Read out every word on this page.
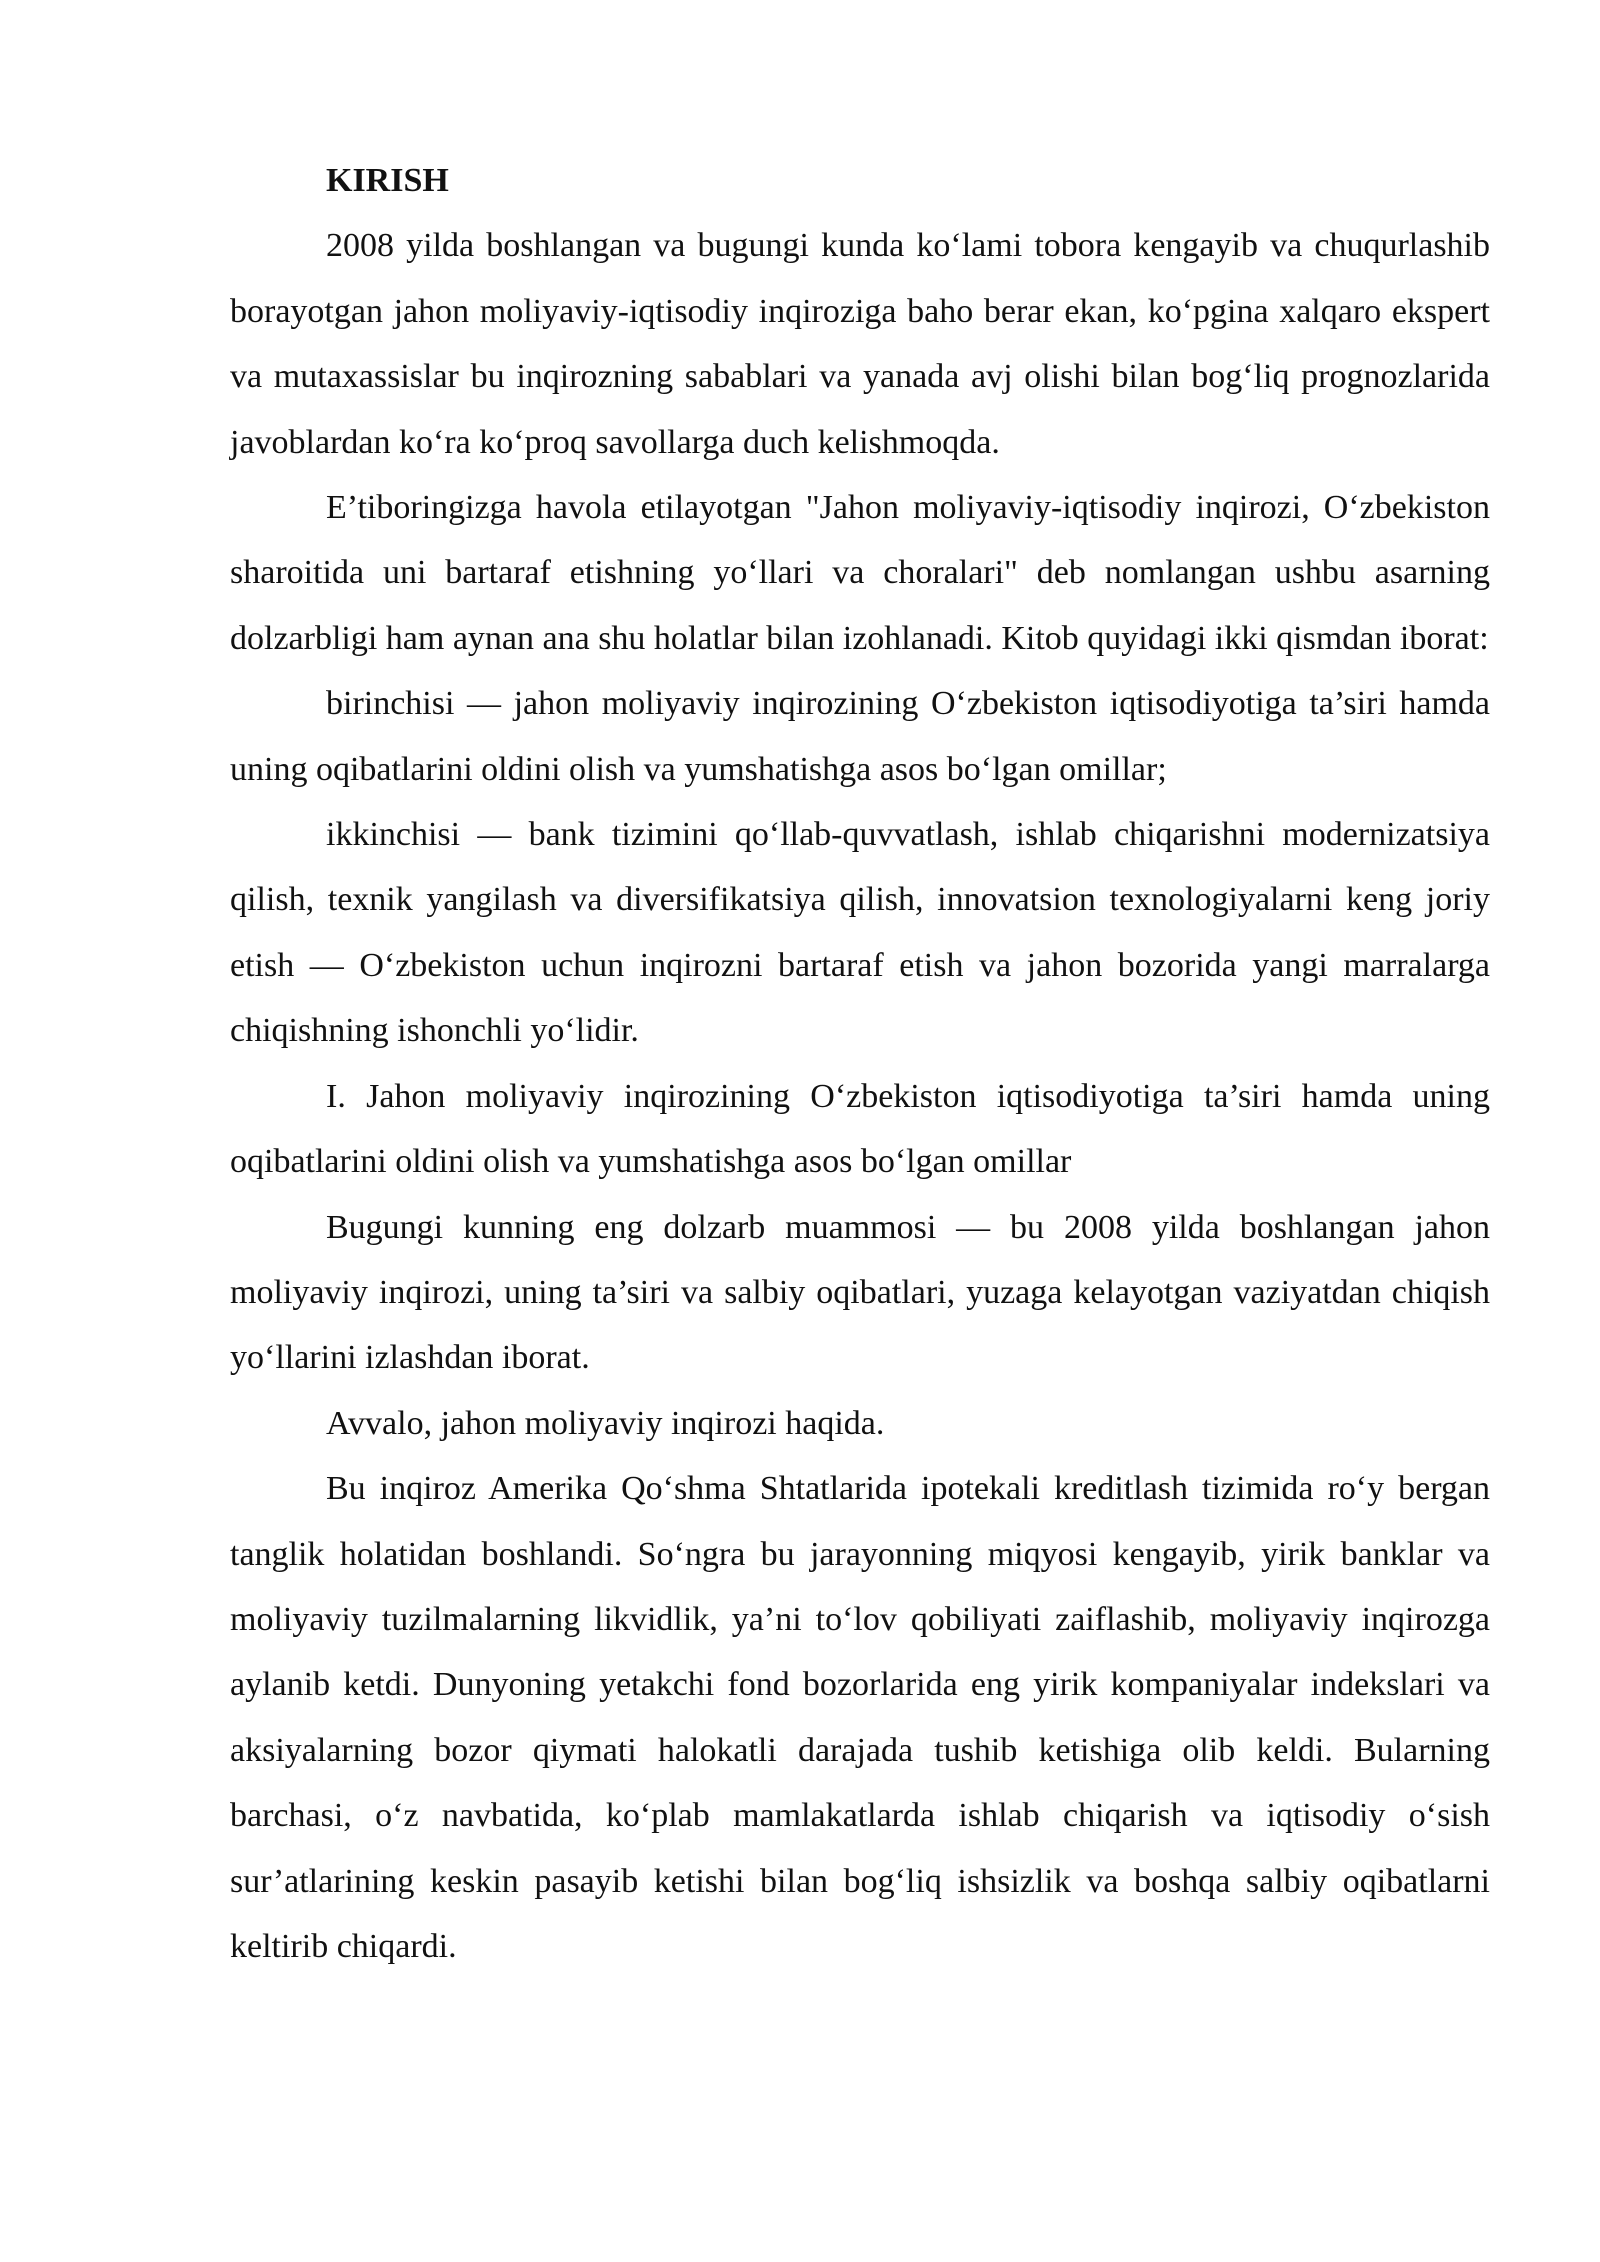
KIRISH

2008 yilda boshlangan va bugungi kunda ko‘lami tobora kengayib va chuqurlashib borayotgan jahon moliyaviy-iqtisodiy inqiroziga baho berar ekan, ko‘pgina xalqaro ekspert va mutaxassislar bu inqirozning sabablari va yanada avj olishi bilan bog‘liq prognozlarida javoblardan ko‘ra ko‘proq savollarga duch kelishmoqda.

E’tiboringizga havola etilayotgan "Jahon moliyaviy-iqtisodiy inqirozi, O‘zbekiston sharoitida uni bartaraf etishning yo‘llari va choralari" deb nomlangan ushbu asarning dolzarbligi ham aynan ana shu holatlar bilan izohlanadi. Kitob quyidagi ikki qismdan iborat:

birinchisi — jahon moliyaviy inqirozining O‘zbekiston iqtisodiyotiga ta’siri hamda uning oqibatlarini oldini olish va yumshatishga asos bo‘lgan omillar;

ikkinchisi — bank tizimini qo‘llab-quvvatlash, ishlab chiqarishni modernizatsiya qilish, texnik yangilash va diversifikatsiya qilish, innovatsion texnologiyalarni keng joriy etish — O‘zbekiston uchun inqirozni bartaraf etish va jahon bozorida yangi marralarga chiqishning ishonchli yo‘lidir.

I. Jahon moliyaviy inqirozining O‘zbekiston iqtisodiyotiga ta’siri hamda uning oqibatlarini oldini olish va yumshatishga asos bo‘lgan omillar

Bugungi kunning eng dolzarb muammosi — bu 2008 yilda boshlangan jahon moliyaviy inqirozi, uning ta’siri va salbiy oqibatlari, yuzaga kelayotgan vaziyatdan chiqish yo‘llarini izlashdan iborat.

Avvalo, jahon moliyaviy inqirozi haqida.

Bu inqiroz Amerika Qo‘shma Shtatlarida ipotekali kreditlash tizimida ro‘y bergan tanglik holatidan boshlandi. So‘ngra bu jarayonning miqyosi kengayib, yirik banklar va moliyaviy tuzilmalarning likvidlik, ya’ni to‘lov qobiliyati zaiflashib, moliyaviy inqirozga aylanib ketdi. Dunyoning yetakchi fond bozorlarida eng yirik kompaniyalar indekslari va aksiyalarning bozor qiymati halokatli darajada tushib ketishiga olib keldi. Bularning barchasi, o‘z navbatida, ko‘plab mamlakatlarda ishlab chiqarish va iqtisodiy o‘sish sur’atlarining keskin pasayib ketishi bilan bog‘liq ishsizlik va boshqa salbiy oqibatlarni keltirib chiqardi.
